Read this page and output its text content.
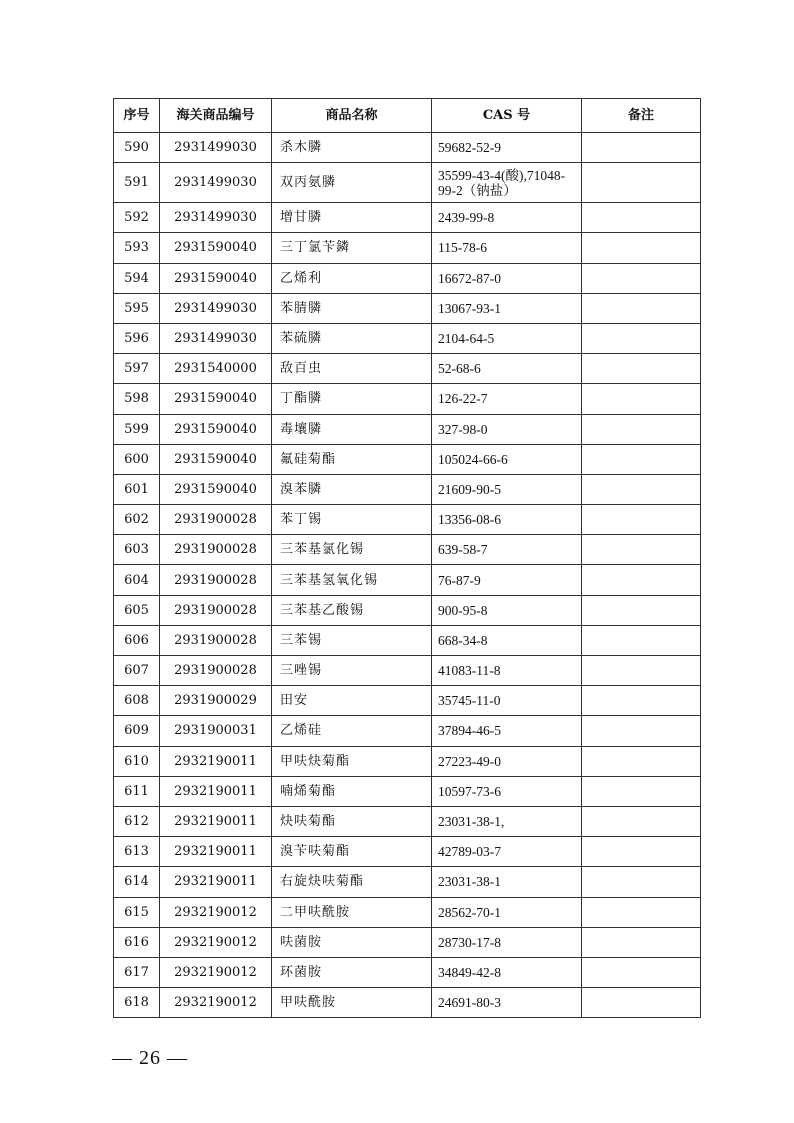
序号	海关商品编号	商品名称	CAS 号	备注
590	2931499030	杀木膦	59682-52-9	
591	2931499030	双丙氨膦	35599-43-4(酸),71048-
99-2（钠盐）	

592	2931499030	增甘膦	2439-99-8	
593	2931590040	三丁氯苄鏻	115-78-6	
594	2931590040	乙烯利	16672-87-0	
595	2931499030	苯腈膦	13067-93-1	
596	2931499030	苯硫膦	2104-64-5	
597	2931540000	敌百虫	52-68-6	
598	2931590040	丁酯膦	126-22-7	
599	2931590040	毒壤膦	327-98-0	
600	2931590040	氟硅菊酯	105024-66-6	
601	2931590040	溴苯膦	21609-90-5	
602	2931900028	苯丁锡	13356-08-6	
603	2931900028	三苯基氯化锡	639-58-7	
604	2931900028	三苯基氢氧化锡	76-87-9	
605	2931900028	三苯基乙酸锡	900-95-8	
606	2931900028	三苯锡	668-34-8	
607	2931900028	三唑锡	41083-11-8	
608	2931900029	田安	35745-11-0	
609	2931900031	乙烯硅	37894-46-5	
610	2932190011	甲呋炔菊酯	27223-49-0	
611	2932190011	喃烯菊酯	10597-73-6	
612	2932190011	炔呋菊酯	23031-38-1,	
613	2932190011	溴苄呋菊酯	42789-03-7	
614	2932190011	右旋炔呋菊酯	23031-38-1	
615	2932190012	二甲呋酰胺	28562-70-1	
616	2932190012	呋菌胺	28730-17-8	
617	2932190012	环菌胺	34849-42-8	
618	2932190012	甲呋酰胺	24691-80-3	
— 26 —
